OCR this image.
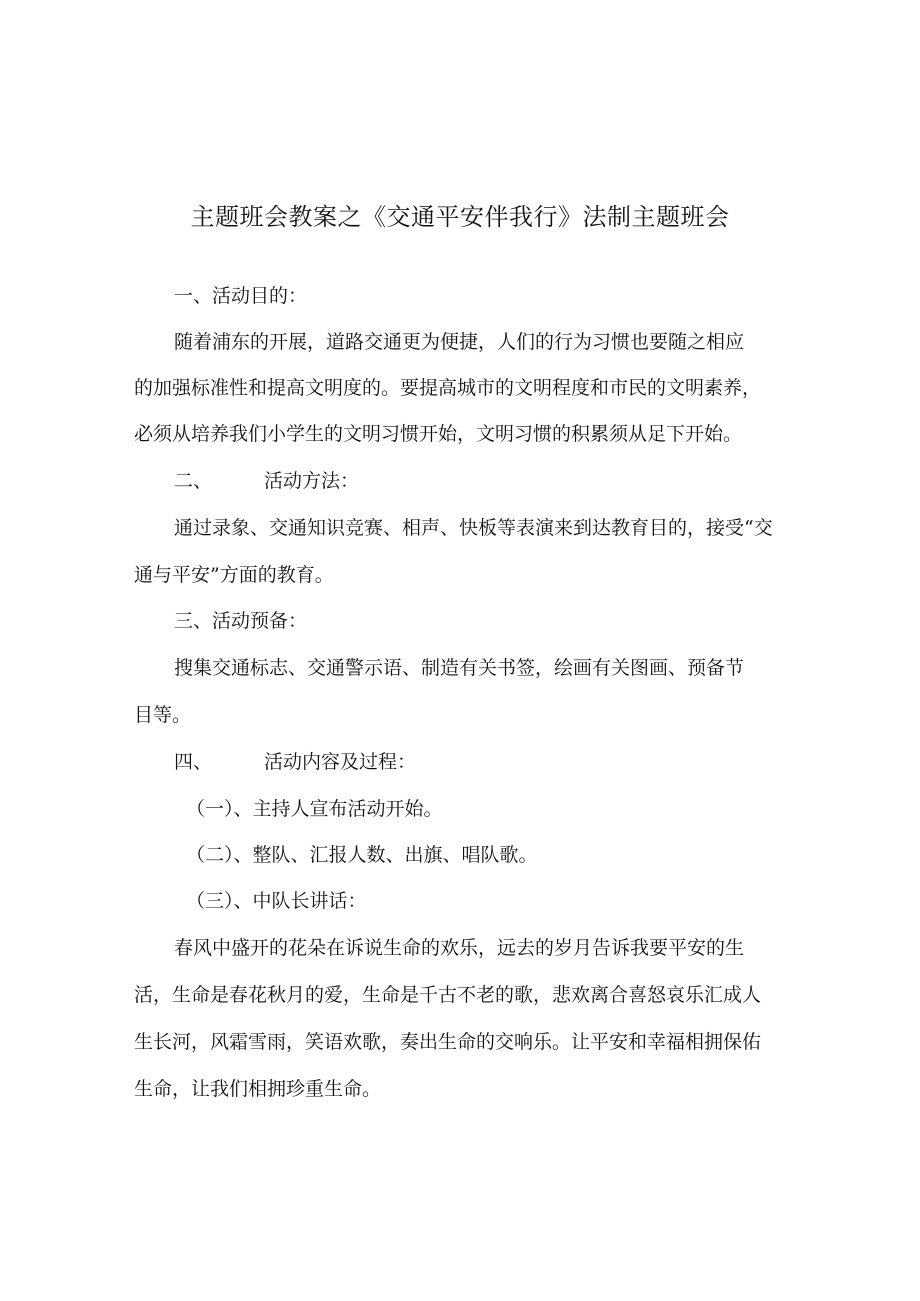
主题班会教案之《交通平安伴我行》法制主题班会
一、活动目的：
随着浦东的开展，道路交通更为便捷，人们的行为习惯也要随之相应
的加强标准性和提高文明度的。要提高城市的文明程度和市民的文明素养，
必须从培养我们小学生的文明习惯开始，文明习惯的积累须从足下开始。
二、	活动方法：
通过录象、交通知识竞赛、相声、快板等表演来到达教育目的，接受“交
通与平安”方面的教育。
三、活动预备：
搜集交通标志、交通警示语、制造有关书签，绘画有关图画、预备节
目等。
四、	活动内容及过程：
（一）、主持人宣布活动开始。
（二）、整队、汇报人数、出旗、唱队歌。
（三）、中队长讲话：
春风中盛开的花朵在诉说生命的欢乐，远去的岁月告诉我要平安的生
活，生命是春花秋月的爱，生命是千古不老的歌，悲欢离合喜怒哀乐汇成人
生长河，风霜雪雨，笑语欢歌，奏出生命的交响乐。让平安和幸福相拥保佑
生命，让我们相拥珍重生命。
